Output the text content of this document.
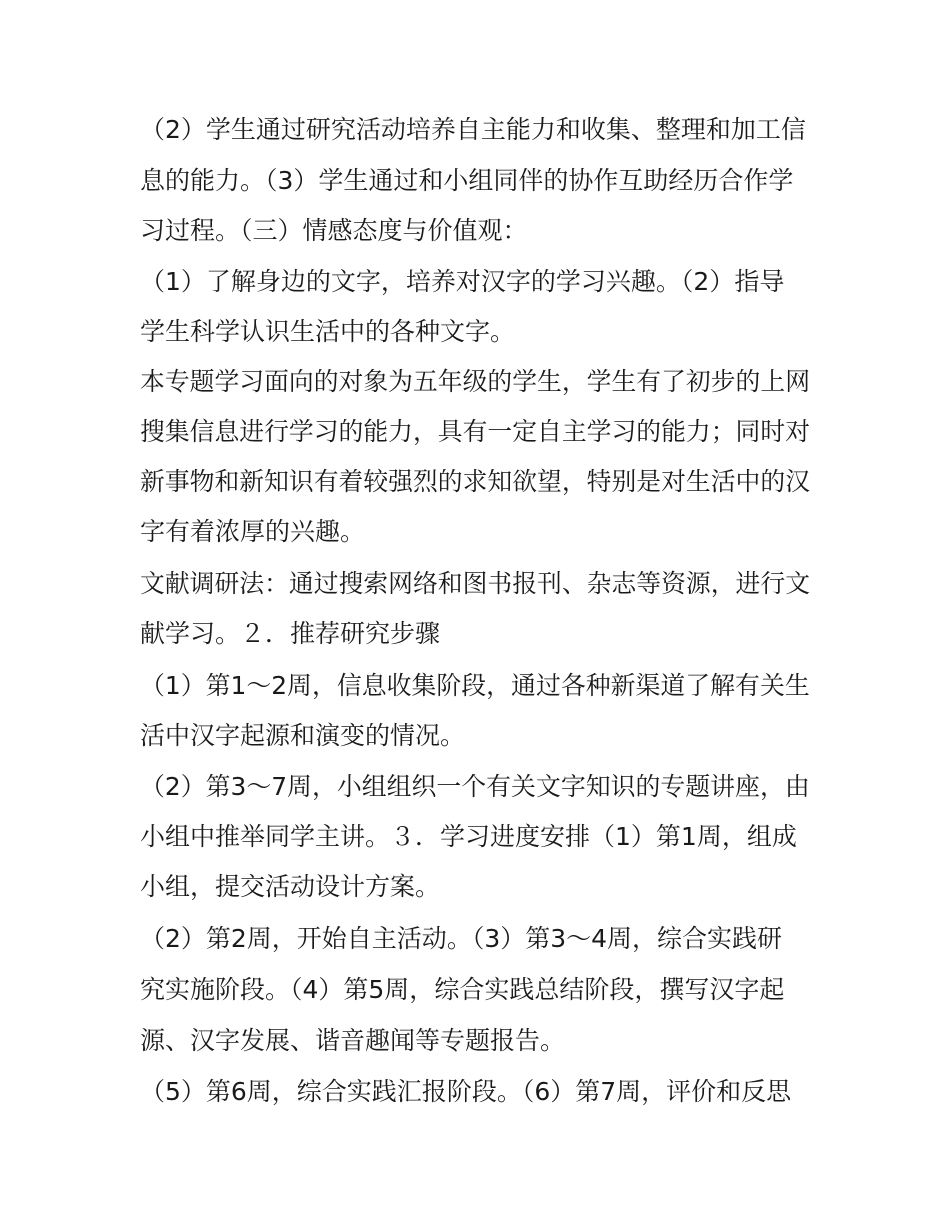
（2）学生通过研究活动培养自主能力和收集、整理和加工信
息的能力。（3）学生通过和小组同伴的协作互助经历合作学
习过程。（三）情感态度与价值观：
（1）了解身边的文字，培养对汉字的学习兴趣。（2）指导
学生科学认识生活中的各种文字。
本专题学习面向的对象为五年级的学生，学生有了初步的上网
搜集信息进行学习的能力，具有一定自主学习的能力；同时对
新事物和新知识有着较强烈的求知欲望，特别是对生活中的汉
字有着浓厚的兴趣。
文献调研法：通过搜索网络和图书报刊、杂志等资源，进行文
献学习。２．推荐研究步骤
（1）第1～2周，信息收集阶段，通过各种新渠道了解有关生
活中汉字起源和演变的情况。
（2）第3～7周，小组组织一个有关文字知识的专题讲座，由
小组中推举同学主讲。３．学习进度安排（1）第1周，组成
小组，提交活动设计方案。
（2）第2周，开始自主活动。（3）第3～4周，综合实践研
究实施阶段。（4）第5周，综合实践总结阶段，撰写汉字起
源、汉字发展、谐音趣闻等专题报告。
（5）第6周，综合实践汇报阶段。（6）第7周，评价和反思
